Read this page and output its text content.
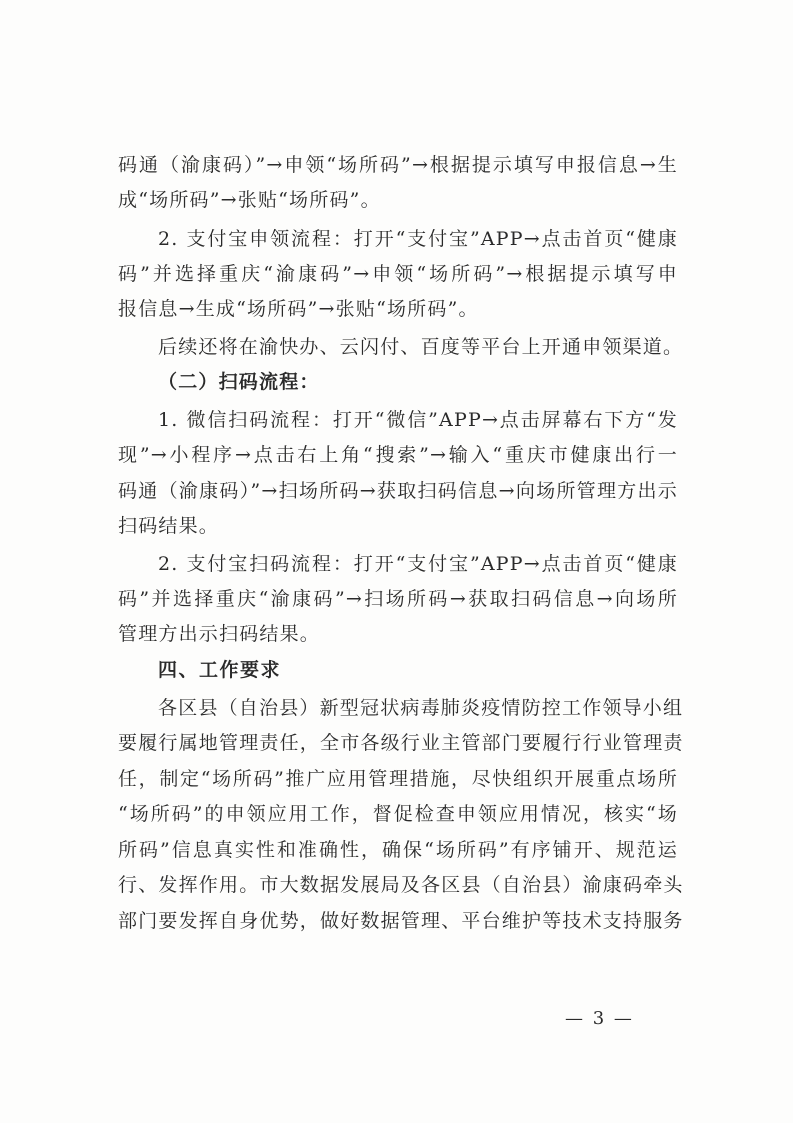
码通（渝康码）”→申领“场所码”→根据提示填写申报信息→生
成“场所码”→张贴“场所码”。
2. 支付宝申领流程：打开“支付宝”APP→点击首页“健康
码”并选择重庆“渝康码”→申领“场所码”→根据提示填写申
报信息→生成“场所码”→张贴“场所码”。
后续还将在渝快办、云闪付、百度等平台上开通申领渠道。
（二）扫码流程：
1. 微信扫码流程：打开“微信”APP→点击屏幕右下方“发
现”→小程序→点击右上角“搜索”→输入“重庆市健康出行一
码通（渝康码）”→扫场所码→获取扫码信息→向场所管理方出示
扫码结果。
2. 支付宝扫码流程：打开“支付宝”APP→点击首页“健康
码”并选择重庆“渝康码”→扫场所码→获取扫码信息→向场所
管理方出示扫码结果。
四、工作要求
各区县（自治县）新型冠状病毒肺炎疫情防控工作领导小组
要履行属地管理责任，全市各级行业主管部门要履行行业管理责
任，制定“场所码”推广应用管理措施，尽快组织开展重点场所
“场所码”的申领应用工作，督促检查申领应用情况，核实“场
所码”信息真实性和准确性，确保“场所码”有序铺开、规范运
行、发挥作用。市大数据发展局及各区县（自治县）渝康码牵头
部门要发挥自身优势，做好数据管理、平台维护等技术支持服务
— 3 —
